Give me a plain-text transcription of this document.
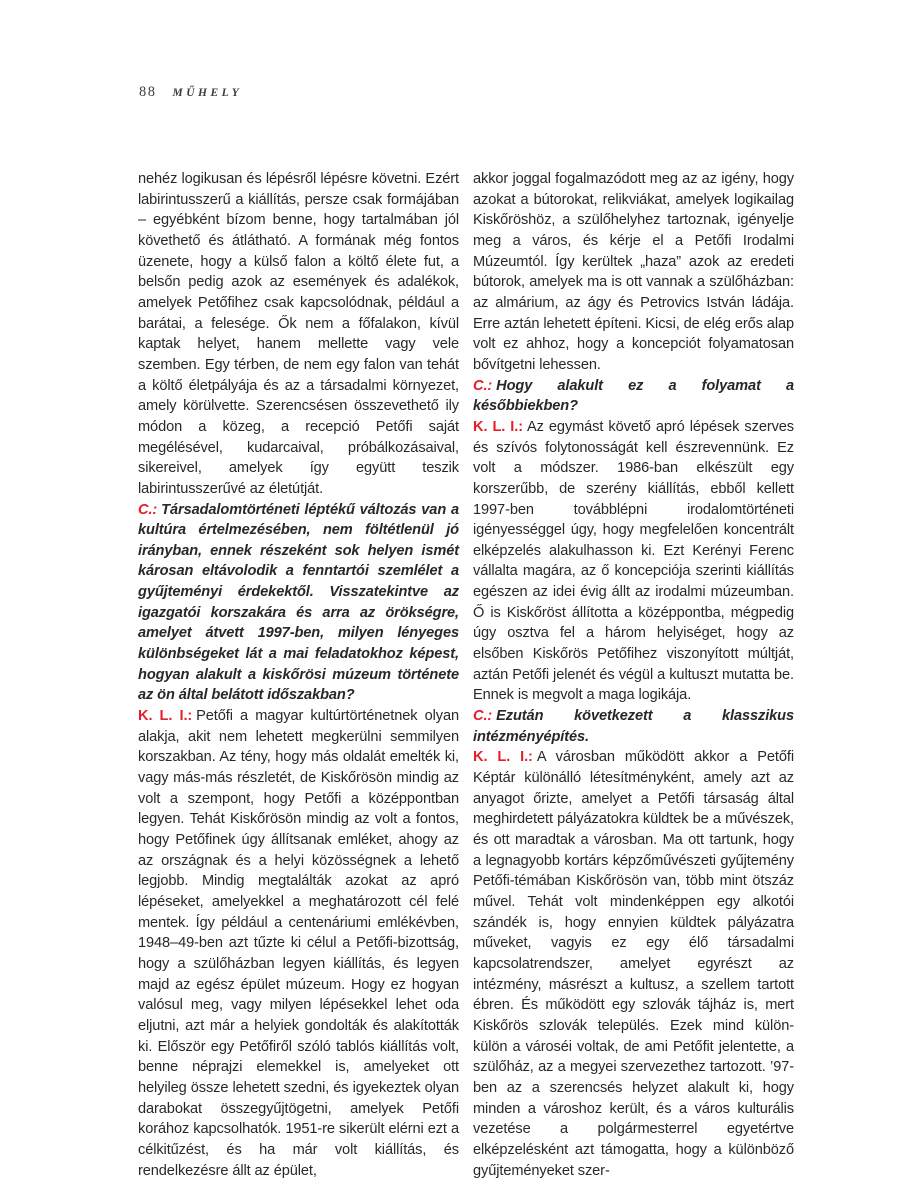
88 MŰHELY

nehéz logikusan és lépésről lépésre követni. Ezért labirintusszerű a kiállítás, persze csak formájában – egyébként bízom benne, hogy tartalmában jól követhető és átlátható. A formának még fontos üzenete, hogy a külső falon a költő élete fut, a belsőn pedig azok az események és adalékok, amelyek Petőfihez csak kapcsolódnak, például a barátai, a felesége. Ők nem a főfalakon, kívül kaptak helyet, hanem mellette vagy vele szemben. Egy térben, de nem egy falon van tehát a költő életpályája és az a társadalmi környezet, amely körülvette. Szerencsésen összevethető ily módon a közeg, a recepció Petőfi saját megélésével, kudarcaival, próbálkozásaival, sikereivel, amelyek így együtt teszik labirintusszerűvé az életútját.

C.: Társadalomtörténeti léptékű változás van a kultúra értelmezésében, nem föltétlenül jó irányban, ennek részeként sok helyen ismét károsan eltávolodik a fenntartói szemlélet a gyűjteményi érdekektől. Visszatekintve az igazgatói korszakára és arra az örökségre, amelyet átvett 1997-ben, milyen lényeges különbségeket lát a mai feladatokhoz képest, hogyan alakult a kiskőrösi múzeum története az ön által belátott időszakban?

K. L. I.: Petőfi a magyar kultúrtörténetnek olyan alakja, akit nem lehetett megkerülni semmilyen korszakban. Az tény, hogy más oldalát emelték ki, vagy más-más részletét, de Kiskőrösön mindig az volt a szempont, hogy Petőfi a középpontban legyen. Tehát Kiskőrösön mindig az volt a fontos, hogy Petőfinek úgy állítsanak emléket, ahogy az az országnak és a helyi közösségnek a lehető legjobb. Mindig megtalálták azokat az apró lépéseket, amelyekkel a meghatározott cél felé mentek. Így például a centenáriumi emlékévben, 1948–49-ben azt tűzte ki célul a Petőfi-bizottság, hogy a szülőházban legyen kiállítás, és legyen majd az egész épület múzeum. Hogy ez hogyan valósul meg, vagy milyen lépésekkel lehet oda eljutni, azt már a helyiek gondolták és alakították ki. Először egy Petőfiről szóló tablós kiállítás volt, benne néprajzi elemekkel is, amelyeket ott helyileg össze lehetett szedni, és igyekeztek olyan darabokat összegyűjtögetni, amelyek Petőfi korához kapcsolhatók. 1951-re sikerült elérni ezt a célkitűzést, és ha már volt kiállítás, és rendelkezésre állt az épület,

akkor joggal fogalmazódott meg az az igény, hogy azokat a bútorokat, relikviákat, amelyek logikailag Kiskőröshöz, a szülőhelyhez tartoznak, igényelje meg a város, és kérje el a Petőfi Irodalmi Múzeumtól. Így kerültek „haza” azok az eredeti bútorok, amelyek ma is ott vannak a szülőházban: az almárium, az ágy és Petrovics István ládája. Erre aztán lehetett építeni. Kicsi, de elég erős alap volt ez ahhoz, hogy a koncepciót folyamatosan bővítgetni lehessen.

C.: Hogy alakult ez a folyamat a későbbiekben?

K. L. I.: Az egymást követő apró lépések szerves és szívós folytonosságát kell észrevennünk. Ez volt a módszer. 1986-ban elkészült egy korszerűbb, de szerény kiállítás, ebből kellett 1997-ben továbblépni irodalomtörténeti igényességgel úgy, hogy megfelelően koncentrált elképzelés alakulhasson ki. Ezt Kerényi Ferenc vállalta magára, az ő koncepciója szerinti kiállítás egészen az idei évig állt az irodalmi múzeumban. Ő is Kiskőröst állította a középpontba, mégpedig úgy osztva fel a három helyiséget, hogy az elsőben Kiskőrös Petőfihez viszonyított múltját, aztán Petőfi jelenét és végül a kultuszt mutatta be. Ennek is megvolt a maga logikája.

C.: Ezután következett a klasszikus intézményépítés.

K. L. I.: A városban működött akkor a Petőfi Képtár különálló létesítményként, amely azt az anyagot őrizte, amelyet a Petőfi társaság által meghirdetett pályázatokra küldtek be a művészek, és ott maradtak a városban. Ma ott tartunk, hogy a legnagyobb kortárs képzőművészeti gyűjtemény Petőfi-témában Kiskőrösön van, több mint ötszáz művel. Tehát volt mindenképpen egy alkotói szándék is, hogy ennyien küldtek pályázatra műveket, vagyis ez egy élő társadalmi kapcsolatrendszer, amelyet egyrészt az intézmény, másrészt a kultusz, a szellem tartott ébren. És működött egy szlovák tájház is, mert Kiskőrös szlovák település. Ezek mind külön-külön a városéi voltak, de ami Petőfit jelentette, a szülőház, az a megyei szervezethez tartozott. ’97-ben az a szerencsés helyzet alakult ki, hogy minden a városhoz került, és a város kulturális vezetése a polgármesterrel egyetértve elképzelésként azt támogatta, hogy a különböző gyűjteményeket szer-
